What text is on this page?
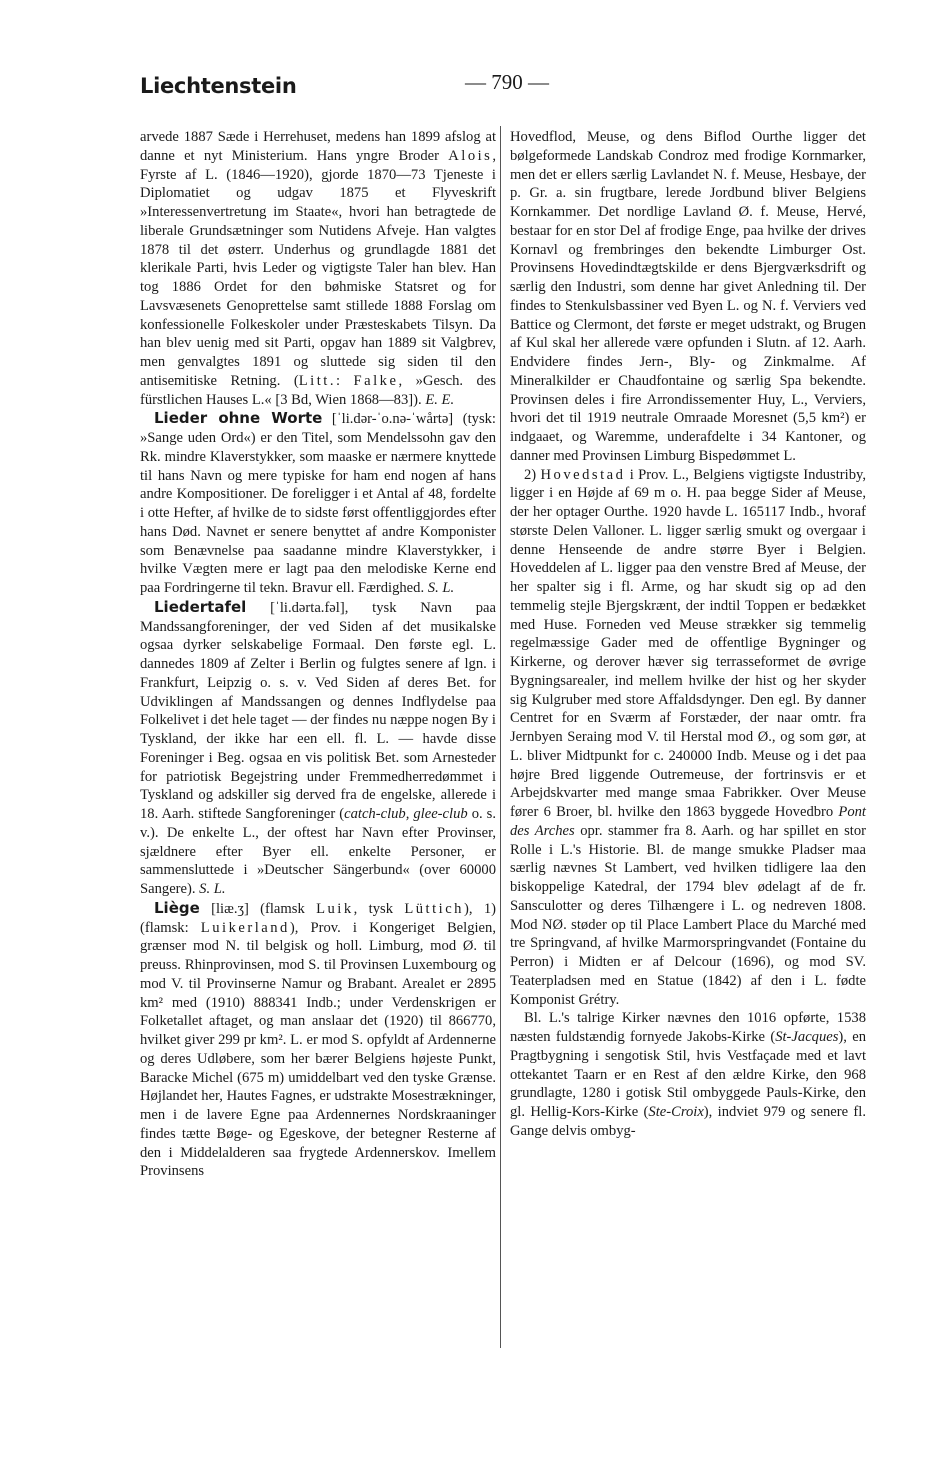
Liechtenstein	— 790 —

arvede 1887 Sæde i Herrehuset, medens han 1899 afslog at danne et nyt Ministerium. Hans yngre Broder Alois, Fyrste af L. (1846—1920), gjorde 1870—73 Tjeneste i Diplomatiet og udgav 1875 et Flyveskrift »Interessenvertretung im Staate«, hvori han betragtede de liberale Grundsætninger som Nutidens Afveje. Han valgtes 1878 til det østerr. Underhus og grundlagde 1881 det klerikale Parti, hvis Leder og vigtigste Taler han blev. Han tog 1886 Ordet for den bøhmiske Statsret og for Lavsvæsenets Genoprettelse samt stillede 1888 Forslag om konfessionelle Folkeskoler under Præsteskabets Tilsyn. Da han blev uenig med sit Parti, opgav han 1889 sit Valgbrev, men genvalgtes 1891 og sluttede sig siden til den antisemitiske Retning. (Litt.: Falke, »Gesch. des fürstlichen Hauses L.« [3 Bd, Wien 1868—83]). E. E.

Lieder ohne Worte [ˈli.dər-ˈo.nə-ˈwårtə] (tysk: »Sange uden Ord«) er den Titel, som Mendelssohn gav den Rk. mindre Klaverstykker, som maaske er nærmere knyttede til hans Navn og mere typiske for ham end nogen af hans andre Kompositioner. De foreligger i et Antal af 48, fordelte i otte Hefter, af hvilke de to sidste først offentliggjordes efter hans Død. Navnet er senere benyttet af andre Komponister som Benævnelse paa saadanne mindre Klaverstykker, i hvilke Vægten mere er lagt paa den melodiske Kerne end paa Fordringerne til tekn. Bravur ell. Færdighed. S. L.

Liedertafel [ˈli.dərta.fəl], tysk Navn paa Mandssangforeninger, der ved Siden af det musikalske ogsaa dyrker selskabelige Formaal. Den første egl. L. dannedes 1809 af Zelter i Berlin og fulgtes senere af lgn. i Frankfurt, Leipzig o. s. v. Ved Siden af deres Bet. for Udviklingen af Mandssangen og dennes Indflydelse paa Folkelivet i det hele taget — der findes nu næppe nogen By i Tyskland, der ikke har een ell. fl. L. — havde disse Foreninger i Beg. ogsaa en vis politisk Bet. som Arnesteder for patriotisk Begejstring under Fremmedherredømmet i Tyskland og adskiller sig derved fra de engelske, allerede i 18. Aarh. stiftede Sangforeninger (catch-club, glee-club o. s. v.). De enkelte L., der oftest har Navn efter Provinser, sjældnere efter Byer ell. enkelte Personer, er sammensluttede i »Deutscher Sängerbund« (over 60000 Sangere). S. L.

Liège [liæ.ʒ] (flamsk Luik, tysk Lüttich), 1) (flamsk: Luikerland), Prov. i Kongeriget Belgien, grænser mod N. til belgisk og holl. Limburg, mod Ø. til preuss. Rhinprovinsen, mod S. til Provinsen Luxembourg og mod V. til Provinserne Namur og Brabant. Arealet er 2895 km² med (1910) 888341 Indb.; under Verdenskrigen er Folketallet aftaget, og man anslaar det (1920) til 866770, hvilket giver 299 pr km². L. er mod S. opfyldt af Ardennerne og deres Udløbere, som her bærer Belgiens højeste Punkt, Baracke Michel (675 m) umiddelbart ved den tyske Grænse. Højlandet her, Hautes Fagnes, er udstrakte Mosestrækninger, men i de lavere Egne paa Ardennernes Nordskraaninger findes tætte Bøge- og Egeskove, der betegner Resterne af den i Middelalderen saa frygtede Ardennerskov. Imellem Provinsens

Hovedflod, Meuse, og dens Biflod Ourthe ligger det bølgeformede Landskab Condroz med frodige Kornmarker, men det er ellers særlig Lavlandet N. f. Meuse, Hesbaye, der p. Gr. a. sin frugtbare, lerede Jordbund bliver Belgiens Kornkammer. Det nordlige Lavland Ø. f. Meuse, Hervé, bestaar for en stor Del af frodige Enge, paa hvilke der drives Kornavl og frembringes den bekendte Limburger Ost. Provinsens Hovedindtægtskilde er dens Bjergværksdrift og særlig den Industri, som denne har givet Anledning til. Der findes to Stenkulsbassiner ved Byen L. og N. f. Verviers ved Battice og Clermont, det første er meget udstrakt, og Brugen af Kul skal her allerede være opfunden i Slutn. af 12. Aarh. Endvidere findes Jern-, Bly- og Zinkmalme. Af Mineralkilder er Chaudfontaine og særlig Spa bekendte. Provinsen deles i fire Arrondissementer Huy, L., Verviers, hvori det til 1919 neutrale Omraade Moresnet (5,5 km²) er indgaaet, og Waremme, underafdelte i 34 Kantoner, og danner med Provinsen Limburg Bispedømmet L.

2) Hovedstad i Prov. L., Belgiens vigtigste Industriby, ligger i en Højde af 69 m o. H. paa begge Sider af Meuse, der her optager Ourthe. 1920 havde L. 165117 Indb., hvoraf største Delen Valloner. L. ligger særlig smukt og overgaar i denne Henseende de andre større Byer i Belgien. Hoveddelen af L. ligger paa den venstre Bred af Meuse, der her spalter sig i fl. Arme, og har skudt sig op ad den temmelig stejle Bjergskrænt, der indtil Toppen er bedækket med Huse. Forneden ved Meuse strækker sig temmelig regelmæssige Gader med de offentlige Bygninger og Kirkerne, og derover hæver sig terrasseformet de øvrige Bygningsarealer, ind mellem hvilke der hist og her skyder sig Kulgruber med store Affaldsdynger. Den egl. By danner Centret for en Sværm af Forstæder, der naar omtr. fra Jernbyen Seraing mod V. til Herstal mod Ø., og som gør, at L. bliver Midtpunkt for c. 240000 Indb. Meuse og i det paa højre Bred liggende Outremeuse, der fortrinsvis er et Arbejdskvarter med mange smaa Fabrikker. Over Meuse fører 6 Broer, bl. hvilke den 1863 byggede Hovedbro Pont des Arches opr. stammer fra 8. Aarh. og har spillet en stor Rolle i L.'s Historie. Bl. de mange smukke Pladser maa særlig nævnes St Lambert, ved hvilken tidligere laa den biskoppelige Katedral, der 1794 blev ødelagt af de fr. Sansculotter og deres Tilhængere i L. og nedreven 1808. Mod NØ. støder op til Place Lambert Place du Marché med tre Springvand, af hvilke Marmorspringvandet (Fontaine du Perron) i Midten er af Delcour (1696), og mod SV. Teaterpladsen med en Statue (1842) af den i L. fødte Komponist Grétry.

Bl. L.'s talrige Kirker nævnes den 1016 opførte, 1538 næsten fuldstændig fornyede Jakobs-Kirke (St-Jacques), en Pragtbygning i sengotisk Stil, hvis Vestfaçade med et lavt ottekantet Taarn er en Rest af den ældre Kirke, den 968 grundlagte, 1280 i gotisk Stil ombyggede Pauls-Kirke, den gl. Hellig-Kors-Kirke (Ste-Croix), indviet 979 og senere fl. Gange delvis ombyg-
